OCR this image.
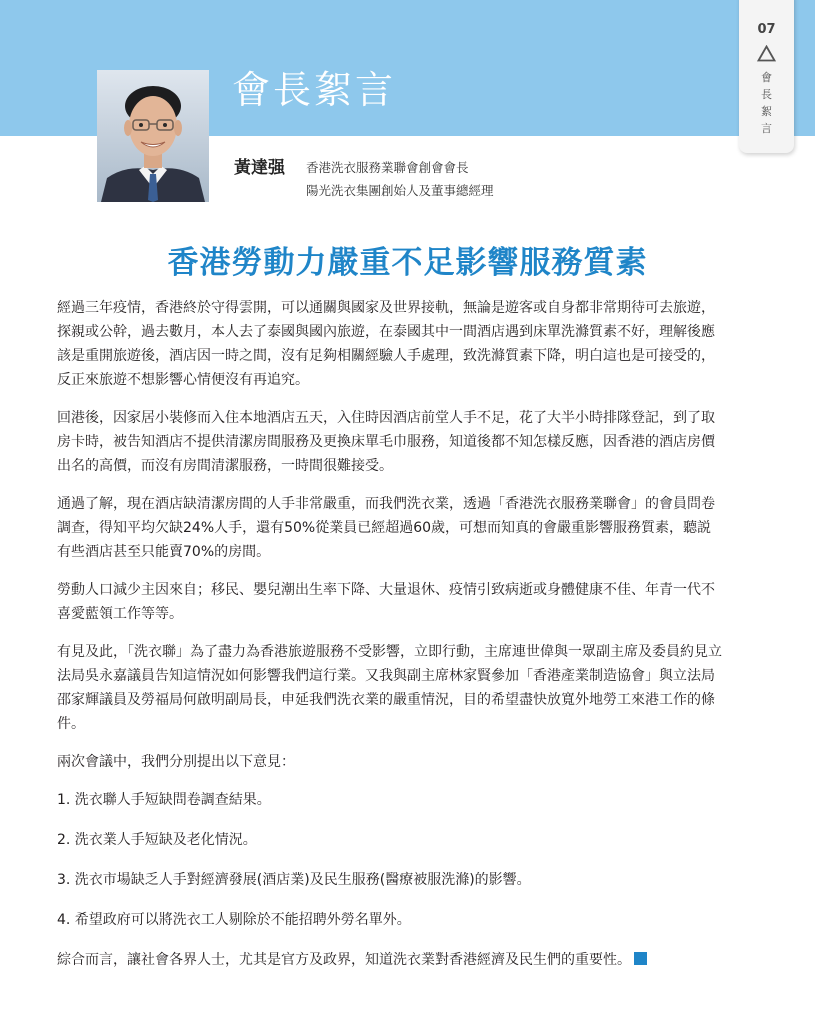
會長絮言
07
會
長
絮
言
黃達强 香港洗衣服務業聯會創會會長
陽光洗衣集團創始人及董事總經理
香港勞動力嚴重不足影響服務質素

經過三年疫情，香港終於守得雲開，可以通關與國家及世界接軌，無論是遊客或自身都非常期待可去旅遊，探親或公幹，過去數月，本人去了泰國與國內旅遊，在泰國其中一間酒店遇到床單洗滌質素不好，理解後應該是重開旅遊後，酒店因一時之間，沒有足夠相關經驗人手處理，致洗滌質素下降，明白這也是可接受的，反正來旅遊不想影響心情便沒有再追究。

回港後，因家居小裝修而入住本地酒店五天，入住時因酒店前堂人手不足，花了大半小時排隊登記，到了取房卡時，被告知酒店不提供清潔房間服務及更換床單毛巾服務，知道後都不知怎樣反應，因香港的酒店房價出名的高價，而沒有房間清潔服務，一時間很難接受。

通過了解，現在酒店缺清潔房間的人手非常嚴重，而我們洗衣業，透過「香港洗衣服務業聯會」的會員問卷調查，得知平均欠缺24%人手，還有50%從業員已經超過60歲，可想而知真的會嚴重影響服務質素，聽説有些酒店甚至只能賣70%的房間。

勞動人口減少主因來自；移民、嬰兒潮出生率下降、大量退休、疫情引致病逝或身體健康不佳、年青一代不喜愛藍領工作等等。

有見及此，「洗衣聯」為了盡力為香港旅遊服務不受影響，立即行動，主席連世偉與一眾副主席及委員約見立法局吳永嘉議員告知這情況如何影響我們這行業。又我與副主席林家賢參加「香港產業制造協會」與立法局邵家輝議員及勞福局何啟明副局長，申延我們洗衣業的嚴重情況，目的希望盡快放寬外地勞工來港工作的條件。

兩次會議中，我們分別提出以下意見：

1. 洗衣聯人手短缺問卷調查結果。

2. 洗衣業人手短缺及老化情況。

3. 洗衣市場缺乏人手對經濟發展(酒店業)及民生服務(醫療被服洗滌)的影響。

4. 希望政府可以將洗衣工人剔除於不能招聘外勞名單外。

綜合而言，讓社會各界人士，尤其是官方及政界，知道洗衣業對香港經濟及民生們的重要性。
